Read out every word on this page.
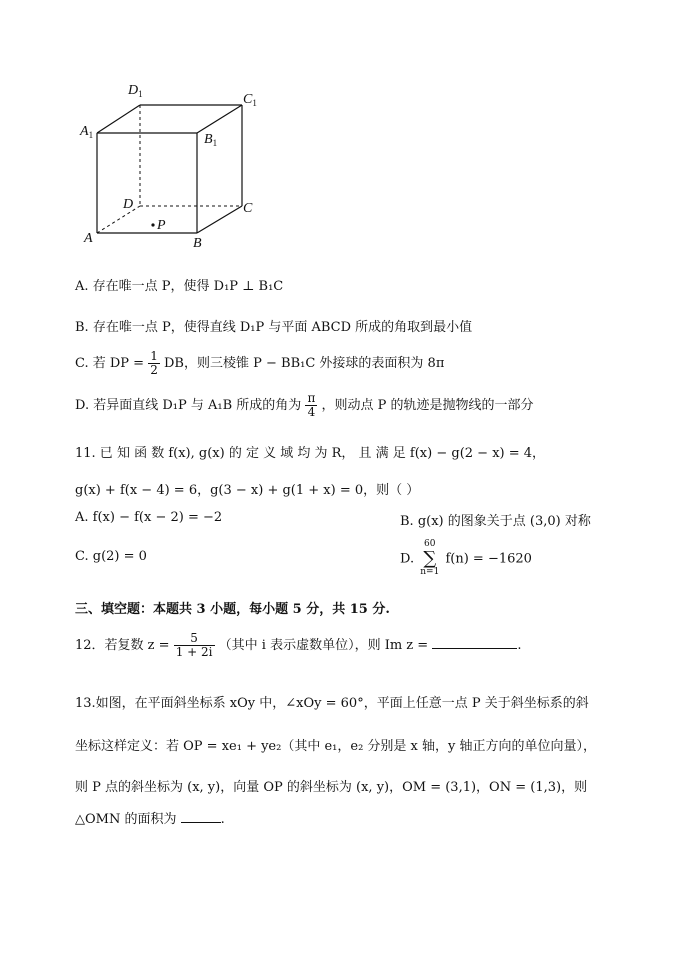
$D_1$	$C_1$
$A_1$	$B_1$
D	C
P
A	B
A. 存在唯一点 P，使得 D₁P ⊥ B₁C
B. 存在唯一点 P，使得直线 D₁P 与平面 ABCD 所成的角取到最小值
C. 若 DP = $\frac{1}{2}$ DB，则三棱锥 P − BB₁C 外接球的表面积为 8π
D. 若异面直线 D₁P 与 A₁B 所成的角为 $\frac{\pi}{4}$ ，则动点 P 的轨迹是抛物线的一部分
11. 已 知 函 数 f(x), g(x) 的 定 义 域 均 为 R， 且 满 足 f(x) − g(2 − x) = 4，
g(x) + f(x − 4) = 6，g(3 − x) + g(1 + x) = 0，则（ ）
A. f(x) − f(x − 2) = −2	B. g(x) 的图象关于点 (3,0) 对称
C. g(2) = 0	D.
60
∑
n=1
f(n) = −1620
三、填空题：本题共 3 小题，每小题 5 分，共 15 分.
12．若复数 $z = \frac{5}{1 + 2i}$ （其中 i 表示虚数单位），则 Im z =	.
13.如图，在平面斜坐标系 xOy 中，∠xOy = 60°，平面上任意一点 P 关于斜坐标系的斜
坐标这样定义：若 OP = xe₁ + ye₂（其中 e₁，e₂ 分别是 x 轴，y 轴正方向的单位向量），
则 P 点的斜坐标为 (x, y)，向量 OP 的斜坐标为 (x, y)，OM = (3,1)，ON = (1,3)，则
△OMN 的面积为	.
